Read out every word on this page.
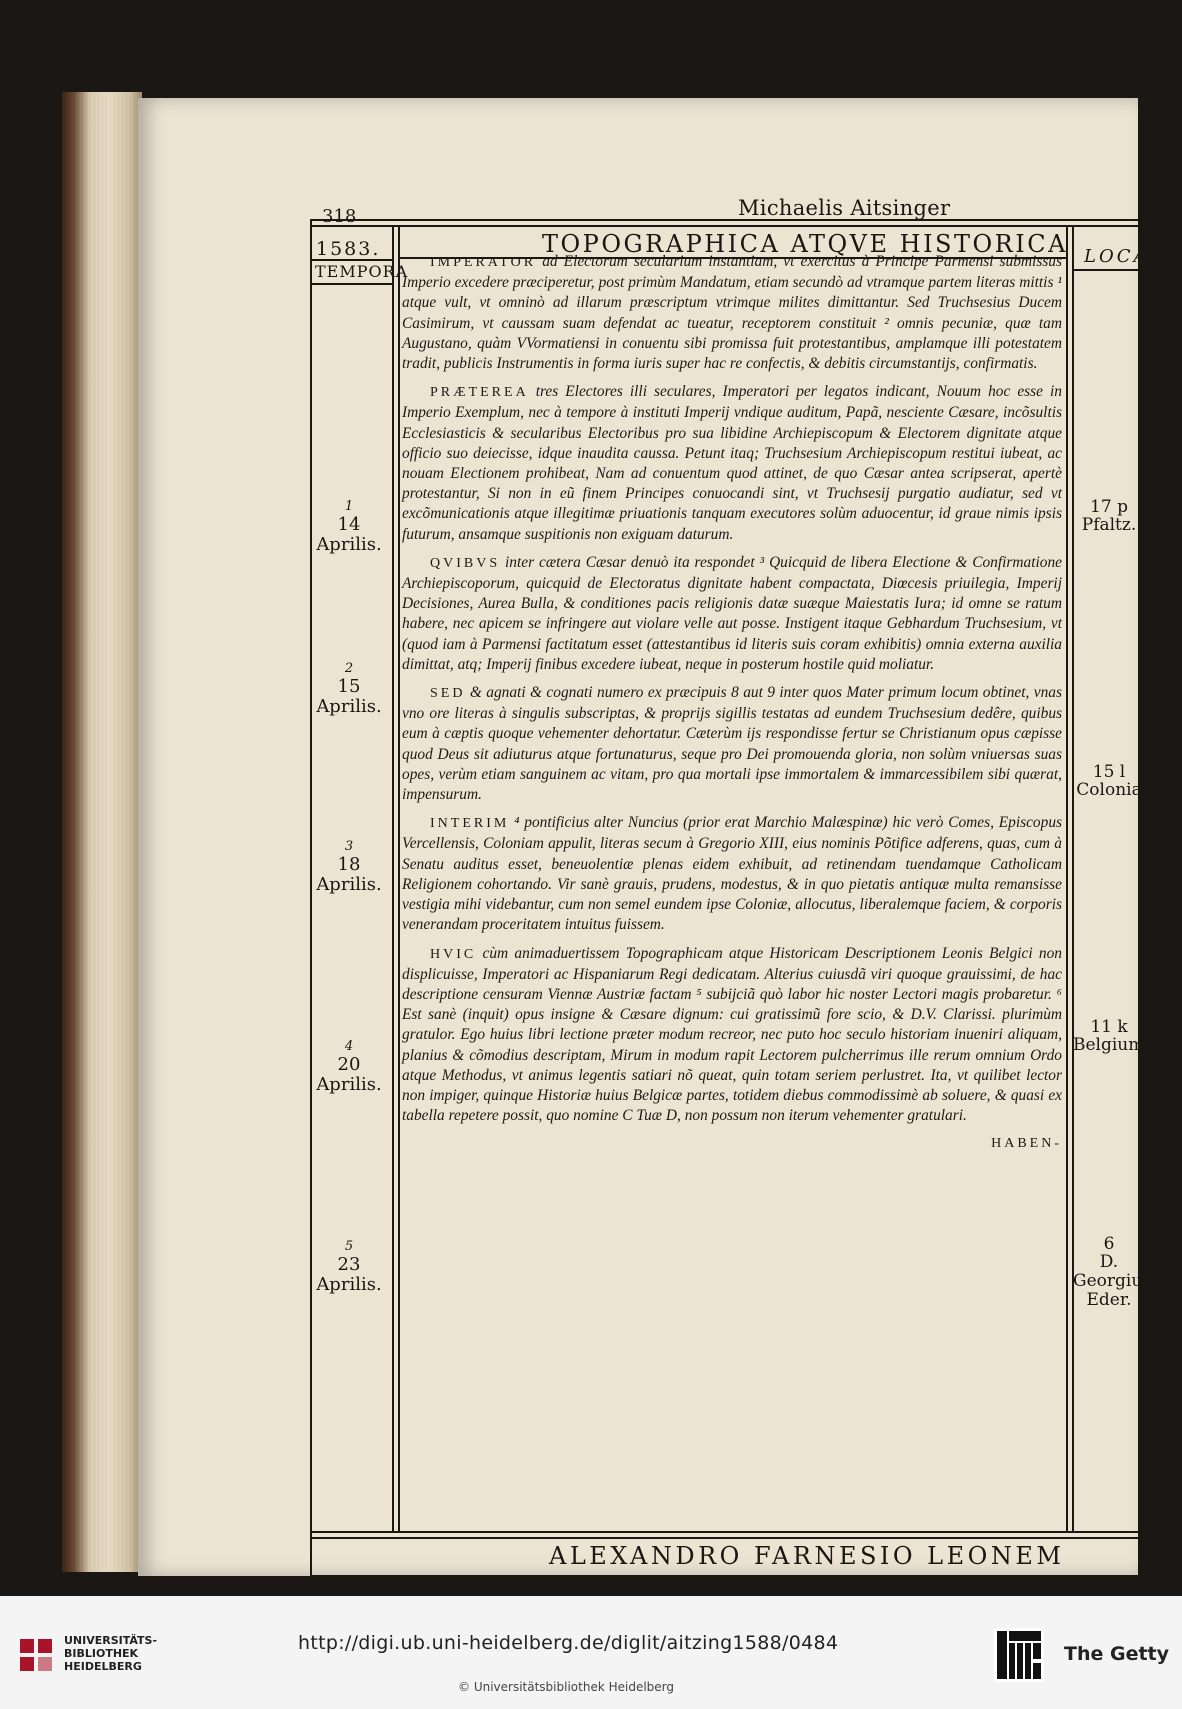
318	Michaelis Aitsinger
1583.
TEMPORA
TOPOGRAPHICA ATQVE HISTORICA LOCA
1
14 Aprilis.
2
15 Aprilis.
3
18 Aprilis.
4
20 Aprilis.
5
23 Aprilis.
17 p
Pfaltz.
15 l
Colonia
11 k
Belgium.
6
D. Georgius Eder.

IMPERATOR ad Electorum secularium instantiam, vt exercitus à Principe Parmensi submissus Imperio excedere præciperetur, post primùm Mandatum, etiam secundò ad vtramque partem literas mittis ¹ atque vult, vt omninò ad illarum præscriptum vtrimque milites dimittantur. Sed Truchsesius Ducem Casimirum, vt caussam suam defendat ac tueatur, receptorem constituit ² omnis pecuniæ, quæ tam Augustano, quàm VVormatiensi in conuentu sibi promissa fuit protestantibus, amplamque illi potestatem tradit, publicis Instrumentis in forma iuris super hac re confectis, & debitis circumstantijs, confirmatis.

PRÆTEREA tres Electores illi seculares, Imperatori per legatos indicant, Nouum hoc esse in Imperio Exemplum, nec à tempore à instituti Imperij vndique auditum, Papã, nesciente Cæsare, incõsultis Ecclesiasticis & secularibus Electoribus pro sua libidine Archiepiscopum & Electorem dignitate atque officio suo deiecisse, idque inaudita caussa. Petunt itaq; Truchsesium Archiepiscopum restitui iubeat, ac nouam Electionem prohibeat, Nam ad conuentum quod attinet, de quo Cæsar antea scripserat, apertè protestantur, Si non in eũ finem Principes conuocandi sint, vt Truchsesij purgatio audiatur, sed vt excõmunicationis atque illegitimæ priuationis tanquam executores solùm aduocentur, id graue nimis ipsis futurum, ansamque suspitionis non exiguam daturum.

QVIBVS inter cætera Cæsar denuò ita respondet ³ Quicquid de libera Electione & Confirmatione Archiepiscoporum, quicquid de Electoratus dignitate habent compactata, Diœcesis priuilegia, Imperij Decisiones, Aurea Bulla, & conditiones pacis religionis datæ suæque Maiestatis Iura; id omne se ratum habere, nec apicem se infringere aut violare velle aut posse. Instigent itaque Gebhardum Truchsesium, vt (quod iam à Parmensi factitatum esset (attestantibus id literis suis coram exhibitis) omnia externa auxilia dimittat, atq; Imperij finibus excedere iubeat, neque in posterum hostile quid moliatur.

SED & agnati & cognati numero ex præcipuis 8 aut 9 inter quos Mater primum locum obtinet, vnas vno ore literas à singulis subscriptas, & proprijs sigillis testatas ad eundem Truchsesium dedêre, quibus eum à cæptis quoque vehementer dehortatur. Cæterùm ijs respondisse fertur se Christianum opus cæpisse quod Deus sit adiuturus atque fortunaturus, seque pro Dei promouenda gloria, non solùm vniuersas suas opes, verùm etiam sanguinem ac vitam, pro qua mortali ipse immortalem & immarcessibilem sibi quærat, impensurum.

INTERIM ⁴ pontificius alter Nuncius (prior erat Marchio Malæspinæ) hic verò Comes, Episcopus Vercellensis, Coloniam appulit, literas secum à Gregorio XIII, eius nominis Põtifice adferens, quas, cum à Senatu auditus esset, beneuolentiæ plenas eidem exhibuit, ad retinendam tuendamque Catholicam Religionem cohortando. Vir sanè grauis, prudens, modestus, & in quo pietatis antiquæ multa remansisse vestigia mihi videbantur, cum non semel eundem ipse Coloniæ, allocutus, liberalemque faciem, & corporis venerandam proceritatem intuitus fuissem.

HVIC cùm animaduertissem Topographicam atque Historicam Descriptionem Leonis Belgici non displicuisse, Imperatori ac Hispaniarum Regi dedicatam. Alterius cuiusdã viri quoque grauissimi, de hac descriptione censuram Viennæ Austriæ factam ⁵ subijciã quò labor hic noster Lectori magis probaretur. ⁶ Est sanè (inquit) opus insigne & Cæsare dignum: cui gratissimũ fore scio, & D.V. Clarissi. plurimùm gratulor. Ego huius libri lectione præter modum recreor, nec puto hoc seculo historiam inueniri aliquam, planius & cõmodius descriptam, Mirum in modum rapit Lectorem pulcherrimus ille rerum omnium Ordo atque Methodus, vt animus legentis satiari nõ queat, quin totam seriem perlustret. Ita, vt quilibet lector non impiger, quinque Historiæ huius Belgicæ partes, totidem diebus commodissimè ab soluere, & quasi ex tabella repetere possit, quo nomine C Tuæ D, non possum non iterum vehementer gratulari.

HABEN-
ALEXANDRO FARNESIO LEONEM
UNIVERSITÄTS-
BIBLIOTHEK
HEIDELBERG
http://digi.ub.uni-heidelberg.de/diglit/aitzing1588/0484
© Universitätsbibliothek Heidelberg
The Getty
